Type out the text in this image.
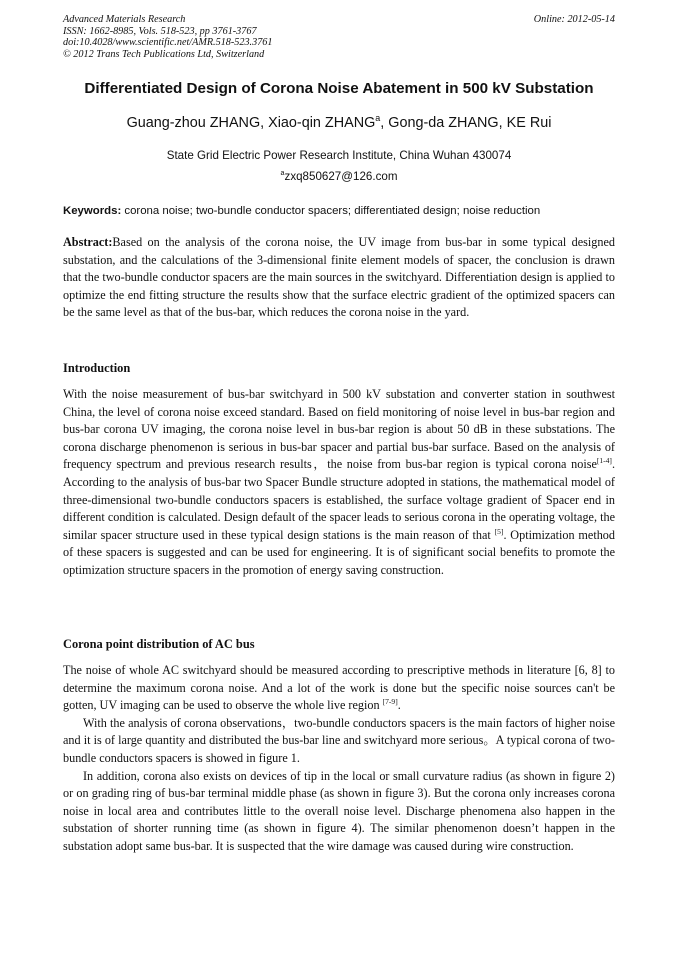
Advanced Materials Research
ISSN: 1662-8985, Vols. 518-523, pp 3761-3767
doi:10.4028/www.scientific.net/AMR.518-523.3761
© 2012 Trans Tech Publications Ltd, Switzerland
Online: 2012-05-14
Differentiated Design of Corona Noise Abatement in 500 kV Substation
Guang-zhou ZHANG, Xiao-qin ZHANG$^a$, Gong-da ZHANG, KE Rui
State Grid Electric Power Research Institute, China Wuhan 430074
$^a$zxq850627@126.com
Keywords: corona noise; two-bundle conductor spacers; differentiated design; noise reduction

Abstract:Based on the analysis of the corona noise, the UV image from bus-bar in some typical designed substation, and the calculations of the 3-dimensional finite element models of spacer, the conclusion is drawn that the two-bundle conductor spacers are the main sources in the switchyard. Differentiation design is applied to optimize the end fitting structure the results show that the surface electric gradient of the optimized spacers can be the same level as that of the bus-bar, which reduces the corona noise in the yard.

Introduction

With the noise measurement of bus-bar switchyard in 500 kV substation and converter station in southwest China, the level of corona noise exceed standard. Based on field monitoring of noise level in bus-bar region and bus-bar corona UV imaging, the corona noise level in bus-bar region is about 50 dB in these substations. The corona discharge phenomenon is serious in bus-bar spacer and partial bus-bar surface. Based on the analysis of frequency spectrum and previous research results，the noise from bus-bar region is typical corona noise[1-4]. According to the analysis of bus-bar two Spacer Bundle structure adopted in stations, the mathematical model of three-dimensional two-bundle conductors spacers is established, the surface voltage gradient of Spacer end in different condition is calculated. Design default of the spacer leads to serious corona in the operating voltage, the similar spacer structure used in these typical design stations is the main reason of that [5]. Optimization method of these spacers is suggested and can be used for engineering. It is of significant social benefits to promote the optimization structure spacers in the promotion of energy saving construction.

Corona point distribution of AC bus

The noise of whole AC switchyard should be measured according to prescriptive methods in literature [6, 8] to determine the maximum corona noise. And a lot of the work is done but the specific noise sources can't be gotten, UV imaging can be used to observe the whole live region [7-9].

With the analysis of corona observations，two-bundle conductors spacers is the main factors of higher noise and it is of large quantity and distributed the bus-bar line and switchyard more serious。A typical corona of two-bundle conductors spacers is showed in figure 1.

In addition, corona also exists on devices of tip in the local or small curvature radius (as shown in figure 2) or on grading ring of bus-bar terminal middle phase (as shown in figure 3). But the corona only increases corona noise in local area and contributes little to the overall noise level. Discharge phenomena also happen in the substation of shorter running time (as shown in figure 4). The similar phenomenon doesn’t happen in the substation adopt same bus-bar. It is suspected that the wire damage was caused during wire construction.
